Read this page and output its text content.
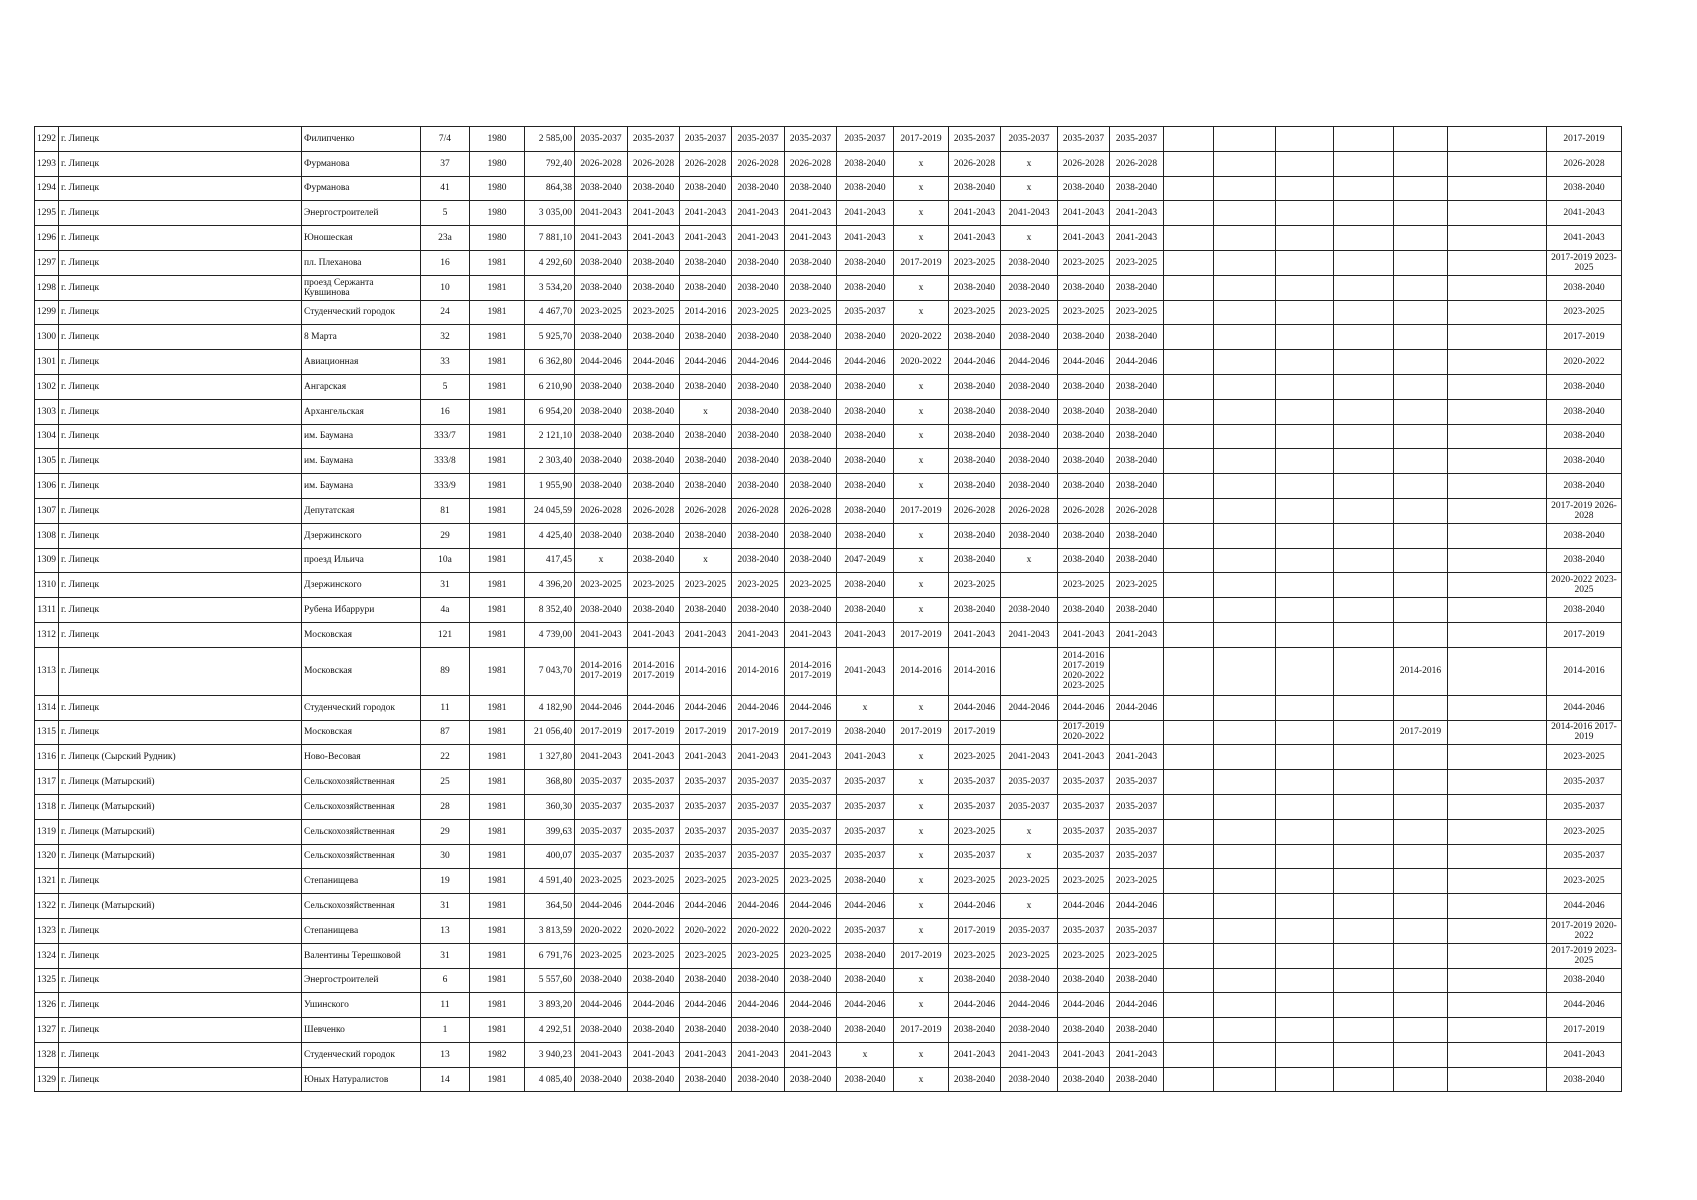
1292	г. Липецк	Филипченко	7/4	1980	2 585,00	2035-2037	2035-2037	2035-2037	2035-2037	2035-2037	2035-2037	2017-2019	2035-2037	2035-2037	2035-2037	2035-2037							2017-2019
1293	г. Липецк	Фурманова	37	1980	792,40	2026-2028	2026-2028	2026-2028	2026-2028	2026-2028	2038-2040	x	2026-2028	x	2026-2028	2026-2028							2026-2028
1294	г. Липецк	Фурманова	41	1980	864,38	2038-2040	2038-2040	2038-2040	2038-2040	2038-2040	2038-2040	x	2038-2040	x	2038-2040	2038-2040							2038-2040
1295	г. Липецк	Энергостроителей	5	1980	3 035,00	2041-2043	2041-2043	2041-2043	2041-2043	2041-2043	2041-2043	x	2041-2043	2041-2043	2041-2043	2041-2043							2041-2043
1296	г. Липецк	Юношеская	23а	1980	7 881,10	2041-2043	2041-2043	2041-2043	2041-2043	2041-2043	2041-2043	x	2041-2043	x	2041-2043	2041-2043							2041-2043
1297	г. Липецк	пл. Плеханова	16	1981	4 292,60	2038-2040	2038-2040	2038-2040	2038-2040	2038-2040	2038-2040	2017-2019	2023-2025	2038-2040	2023-2025	2023-2025							2017-2019 2023-2025
1298	г. Липецк	проезд Сержанта Кувшинова	10	1981	3 534,20	2038-2040	2038-2040	2038-2040	2038-2040	2038-2040	2038-2040	x	2038-2040	2038-2040	2038-2040	2038-2040							2038-2040
1299	г. Липецк	Студенческий городок	24	1981	4 467,70	2023-2025	2023-2025	2014-2016	2023-2025	2023-2025	2035-2037	x	2023-2025	2023-2025	2023-2025	2023-2025							2023-2025
1300	г. Липецк	8 Марта	32	1981	5 925,70	2038-2040	2038-2040	2038-2040	2038-2040	2038-2040	2038-2040	2020-2022	2038-2040	2038-2040	2038-2040	2038-2040							2017-2019
1301	г. Липецк	Авиационная	33	1981	6 362,80	2044-2046	2044-2046	2044-2046	2044-2046	2044-2046	2044-2046	2020-2022	2044-2046	2044-2046	2044-2046	2044-2046							2020-2022
1302	г. Липецк	Ангарская	5	1981	6 210,90	2038-2040	2038-2040	2038-2040	2038-2040	2038-2040	2038-2040	x	2038-2040	2038-2040	2038-2040	2038-2040							2038-2040
1303	г. Липецк	Архангельская	16	1981	6 954,20	2038-2040	2038-2040	x	2038-2040	2038-2040	2038-2040	x	2038-2040	2038-2040	2038-2040	2038-2040							2038-2040
1304	г. Липецк	им. Баумана	333/7	1981	2 121,10	2038-2040	2038-2040	2038-2040	2038-2040	2038-2040	2038-2040	x	2038-2040	2038-2040	2038-2040	2038-2040							2038-2040
1305	г. Липецк	им. Баумана	333/8	1981	2 303,40	2038-2040	2038-2040	2038-2040	2038-2040	2038-2040	2038-2040	x	2038-2040	2038-2040	2038-2040	2038-2040							2038-2040
1306	г. Липецк	им. Баумана	333/9	1981	1 955,90	2038-2040	2038-2040	2038-2040	2038-2040	2038-2040	2038-2040	x	2038-2040	2038-2040	2038-2040	2038-2040							2038-2040
1307	г. Липецк	Депутатская	81	1981	24 045,59	2026-2028	2026-2028	2026-2028	2026-2028	2026-2028	2038-2040	2017-2019	2026-2028	2026-2028	2026-2028	2026-2028							2017-2019 2026-2028
1308	г. Липецк	Дзержинского	29	1981	4 425,40	2038-2040	2038-2040	2038-2040	2038-2040	2038-2040	2038-2040	x	2038-2040	2038-2040	2038-2040	2038-2040							2038-2040
1309	г. Липецк	проезд Ильича	10а	1981	417,45	x	2038-2040	x	2038-2040	2038-2040	2047-2049	x	2038-2040	x	2038-2040	2038-2040							2038-2040
1310	г. Липецк	Дзержинского	31	1981	4 396,20	2023-2025	2023-2025	2023-2025	2023-2025	2023-2025	2038-2040	x	2023-2025		2023-2025	2023-2025							2020-2022 2023-2025
1311	г. Липецк	Рубена Ибаррури	4а	1981	8 352,40	2038-2040	2038-2040	2038-2040	2038-2040	2038-2040	2038-2040	x	2038-2040	2038-2040	2038-2040	2038-2040							2038-2040
1312	г. Липецк	Московская	121	1981	4 739,00	2041-2043	2041-2043	2041-2043	2041-2043	2041-2043	2041-2043	2017-2019	2041-2043	2041-2043	2041-2043	2041-2043							2017-2019
1313	г. Липецк	Московская	89	1981	7 043,70	2014-2016 2017-2019	2014-2016 2017-2019	2014-2016	2014-2016	2014-2016 2017-2019	2041-2043	2014-2016	2014-2016		2014-2016 2017-2019 2020-2022 2023-2025						2014-2016		2014-2016
1314	г. Липецк	Студенческий городок	11	1981	4 182,90	2044-2046	2044-2046	2044-2046	2044-2046	2044-2046	x	x	2044-2046	2044-2046	2044-2046	2044-2046							2044-2046
1315	г. Липецк	Московская	87	1981	21 056,40	2017-2019	2017-2019	2017-2019	2017-2019	2017-2019	2038-2040	2017-2019	2017-2019		2017-2019 2020-2022						2017-2019		2014-2016 2017-2019
1316	г. Липецк (Сырский Рудник)	Ново-Весовая	22	1981	1 327,80	2041-2043	2041-2043	2041-2043	2041-2043	2041-2043	2041-2043	x	2023-2025	2041-2043	2041-2043	2041-2043							2023-2025
1317	г. Липецк (Матырский)	Сельскохозяйственная	25	1981	368,80	2035-2037	2035-2037	2035-2037	2035-2037	2035-2037	2035-2037	x	2035-2037	2035-2037	2035-2037	2035-2037							2035-2037
1318	г. Липецк (Матырский)	Сельскохозяйственная	28	1981	360,30	2035-2037	2035-2037	2035-2037	2035-2037	2035-2037	2035-2037	x	2035-2037	2035-2037	2035-2037	2035-2037							2035-2037
1319	г. Липецк (Матырский)	Сельскохозяйственная	29	1981	399,63	2035-2037	2035-2037	2035-2037	2035-2037	2035-2037	2035-2037	x	2023-2025	x	2035-2037	2035-2037							2023-2025
1320	г. Липецк (Матырский)	Сельскохозяйственная	30	1981	400,07	2035-2037	2035-2037	2035-2037	2035-2037	2035-2037	2035-2037	x	2035-2037	x	2035-2037	2035-2037							2035-2037
1321	г. Липецк	Степанищева	19	1981	4 591,40	2023-2025	2023-2025	2023-2025	2023-2025	2023-2025	2038-2040	x	2023-2025	2023-2025	2023-2025	2023-2025							2023-2025
1322	г. Липецк (Матырский)	Сельскохозяйственная	31	1981	364,50	2044-2046	2044-2046	2044-2046	2044-2046	2044-2046	2044-2046	x	2044-2046	x	2044-2046	2044-2046							2044-2046
1323	г. Липецк	Степанищева	13	1981	3 813,59	2020-2022	2020-2022	2020-2022	2020-2022	2020-2022	2035-2037	x	2017-2019	2035-2037	2035-2037	2035-2037							2017-2019 2020-2022
1324	г. Липецк	Валентины Терешковой	31	1981	6 791,76	2023-2025	2023-2025	2023-2025	2023-2025	2023-2025	2038-2040	2017-2019	2023-2025	2023-2025	2023-2025	2023-2025							2017-2019 2023-2025
1325	г. Липецк	Энергостроителей	6	1981	5 557,60	2038-2040	2038-2040	2038-2040	2038-2040	2038-2040	2038-2040	x	2038-2040	2038-2040	2038-2040	2038-2040							2038-2040
1326	г. Липецк	Ушинского	11	1981	3 893,20	2044-2046	2044-2046	2044-2046	2044-2046	2044-2046	2044-2046	x	2044-2046	2044-2046	2044-2046	2044-2046							2044-2046
1327	г. Липецк	Шевченко	1	1981	4 292,51	2038-2040	2038-2040	2038-2040	2038-2040	2038-2040	2038-2040	2017-2019	2038-2040	2038-2040	2038-2040	2038-2040							2017-2019
1328	г. Липецк	Студенческий городок	13	1982	3 940,23	2041-2043	2041-2043	2041-2043	2041-2043	2041-2043	x	x	2041-2043	2041-2043	2041-2043	2041-2043							2041-2043
1329	г. Липецк	Юных Натуралистов	14	1981	4 085,40	2038-2040	2038-2040	2038-2040	2038-2040	2038-2040	2038-2040	x	2038-2040	2038-2040	2038-2040	2038-2040							2038-2040
